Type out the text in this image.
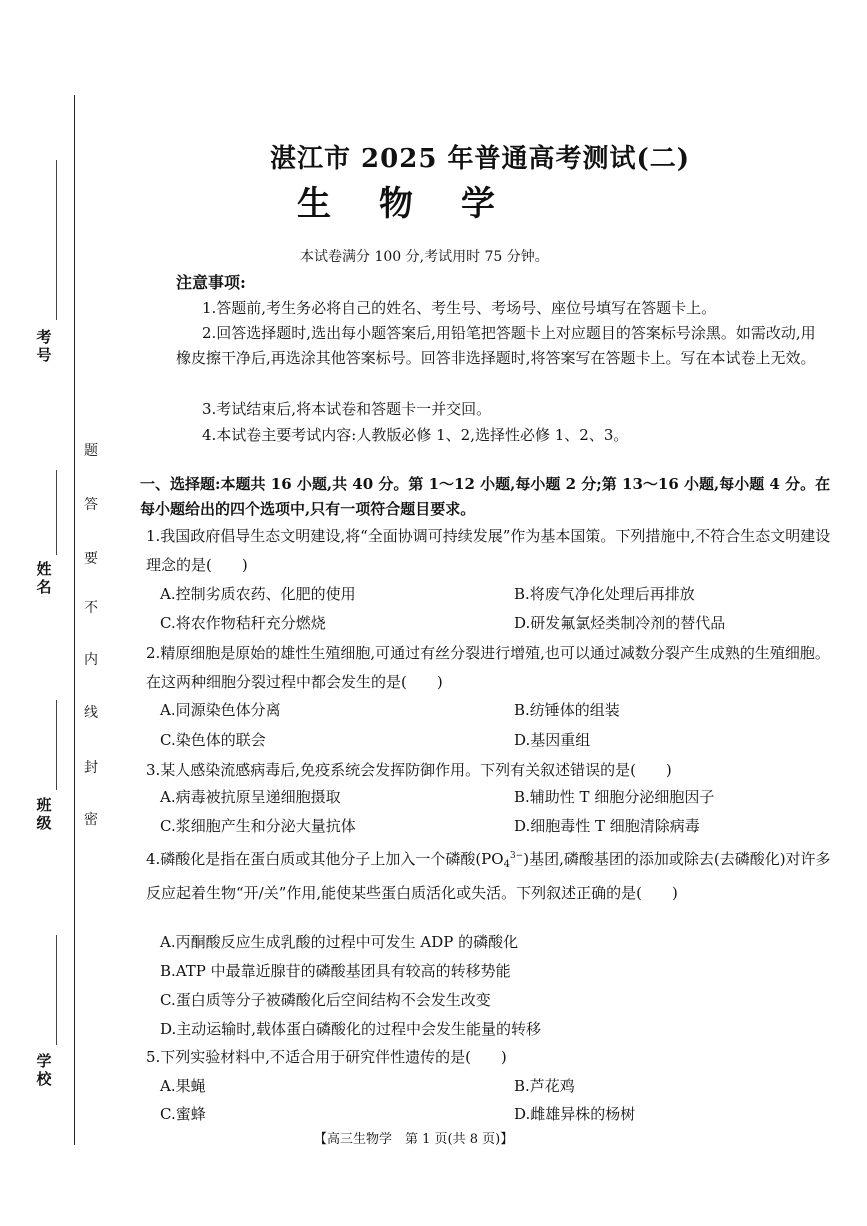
考号
姓名
班级
学校
题
答
要
不
内
线
封
密
湛江市 2025 年普通高考测试(二)
生物学
本试卷满分 100 分,考试用时 75 分钟。
注意事项:
1.答题前,考生务必将自己的姓名、考生号、考场号、座位号填写在答题卡上。
2.回答选择题时,选出每小题答案后,用铅笔把答题卡上对应题目的答案标号涂黑。如需改动,用橡皮擦干净后,再选涂其他答案标号。回答非选择题时,将答案写在答题卡上。写在本试卷上无效。
3.考试结束后,将本试卷和答题卡一并交回。
4.本试卷主要考试内容:人教版必修 1、2,选择性必修 1、2、3。
一、选择题:本题共 16 小题,共 40 分。第 1～12 小题,每小题 2 分;第 13～16 小题,每小题 4 分。在每小题给出的四个选项中,只有一项符合题目要求。
1.我国政府倡导生态文明建设,将“全面协调可持续发展”作为基本国策。下列措施中,不符合生态文明建设理念的是(　　)
A.控制劣质农药、化肥的使用	B.将废气净化处理后再排放
C.将农作物秸秆充分燃烧	D.研发氟氯烃类制冷剂的替代品
2.精原细胞是原始的雄性生殖细胞,可通过有丝分裂进行增殖,也可以通过减数分裂产生成熟的生殖细胞。在这两种细胞分裂过程中都会发生的是(　　)
A.同源染色体分离	B.纺锤体的组装
C.染色体的联会	D.基因重组
3.某人感染流感病毒后,免疫系统会发挥防御作用。下列有关叙述错误的是(　　)
A.病毒被抗原呈递细胞摄取	B.辅助性 T 细胞分泌细胞因子
C.浆细胞产生和分泌大量抗体	D.细胞毒性 T 细胞清除病毒
4.磷酸化是指在蛋白质或其他分子上加入一个磷酸$(PO_4^{3-})$基团,磷酸基团的添加或除去(去磷酸化)对许多反应起着生物“开/关”作用,能使某些蛋白质活化或失活。下列叙述正确的是(　　)
A.丙酮酸反应生成乳酸的过程中可发生 ADP 的磷酸化
B.ATP 中最靠近腺苷的磷酸基团具有较高的转移势能
C.蛋白质等分子被磷酸化后空间结构不会发生改变
D.主动运输时,载体蛋白磷酸化的过程中会发生能量的转移
5.下列实验材料中,不适合用于研究伴性遗传的是(　　)
A.果蝇	B.芦花鸡
C.蜜蜂	D.雌雄异株的杨树
【高三生物学　第 1 页(共 8 页)】
